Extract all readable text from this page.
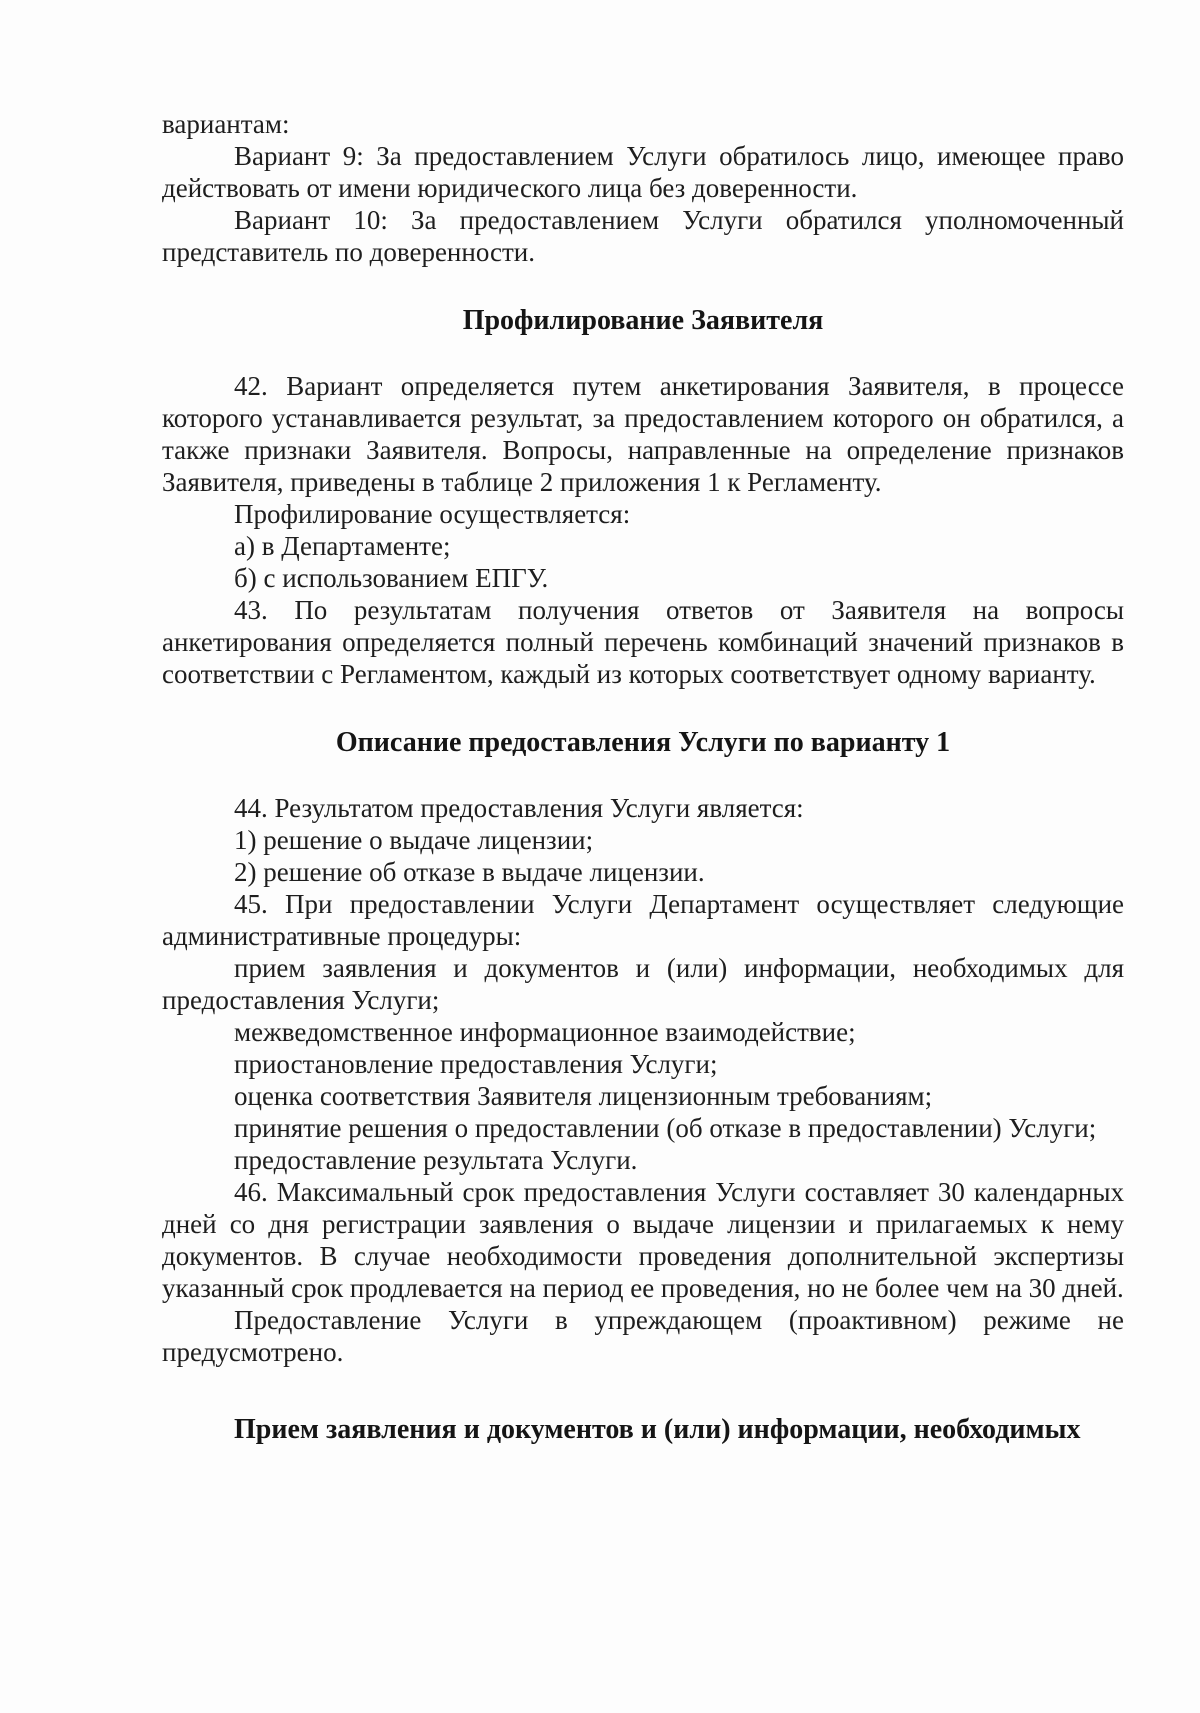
вариантам:

Вариант 9: За предоставлением Услуги обратилось лицо, имеющее право действовать от имени юридического лица без доверенности.

Вариант 10: За предоставлением Услуги обратился уполномоченный представитель по доверенности.

Профилирование Заявителя

42. Вариант определяется путем анкетирования Заявителя, в процессе которого устанавливается результат, за предоставлением которого он обратился, а также признаки Заявителя. Вопросы, направленные на определение признаков Заявителя, приведены в таблице 2 приложения 1 к Регламенту.

Профилирование осуществляется:

а) в Департаменте;

б) с использованием ЕПГУ.

43. По результатам получения ответов от Заявителя на вопросы анкетирования определяется полный перечень комбинаций значений признаков в соответствии с Регламентом, каждый из которых соответствует одному варианту.

Описание предоставления Услуги по варианту 1

44. Результатом предоставления Услуги является:

1) решение о выдаче лицензии;

2) решение об отказе в выдаче лицензии.

45. При предоставлении Услуги Департамент осуществляет следующие административные процедуры:

прием заявления и документов и (или) информации, необходимых для предоставления Услуги;

межведомственное информационное взаимодействие;

приостановление предоставления Услуги;

оценка соответствия Заявителя лицензионным требованиям;

принятие решения о предоставлении (об отказе в предоставлении) Услуги;

предоставление результата Услуги.

46. Максимальный срок предоставления Услуги составляет 30 календарных дней со дня регистрации заявления о выдаче лицензии и прилагаемых к нему документов. В случае необходимости проведения дополнительной экспертизы указанный срок продлевается на период ее проведения, но не более чем на 30 дней.

Предоставление Услуги в упреждающем (проактивном) режиме не предусмотрено.

Прием заявления и документов и (или) информации, необходимых
